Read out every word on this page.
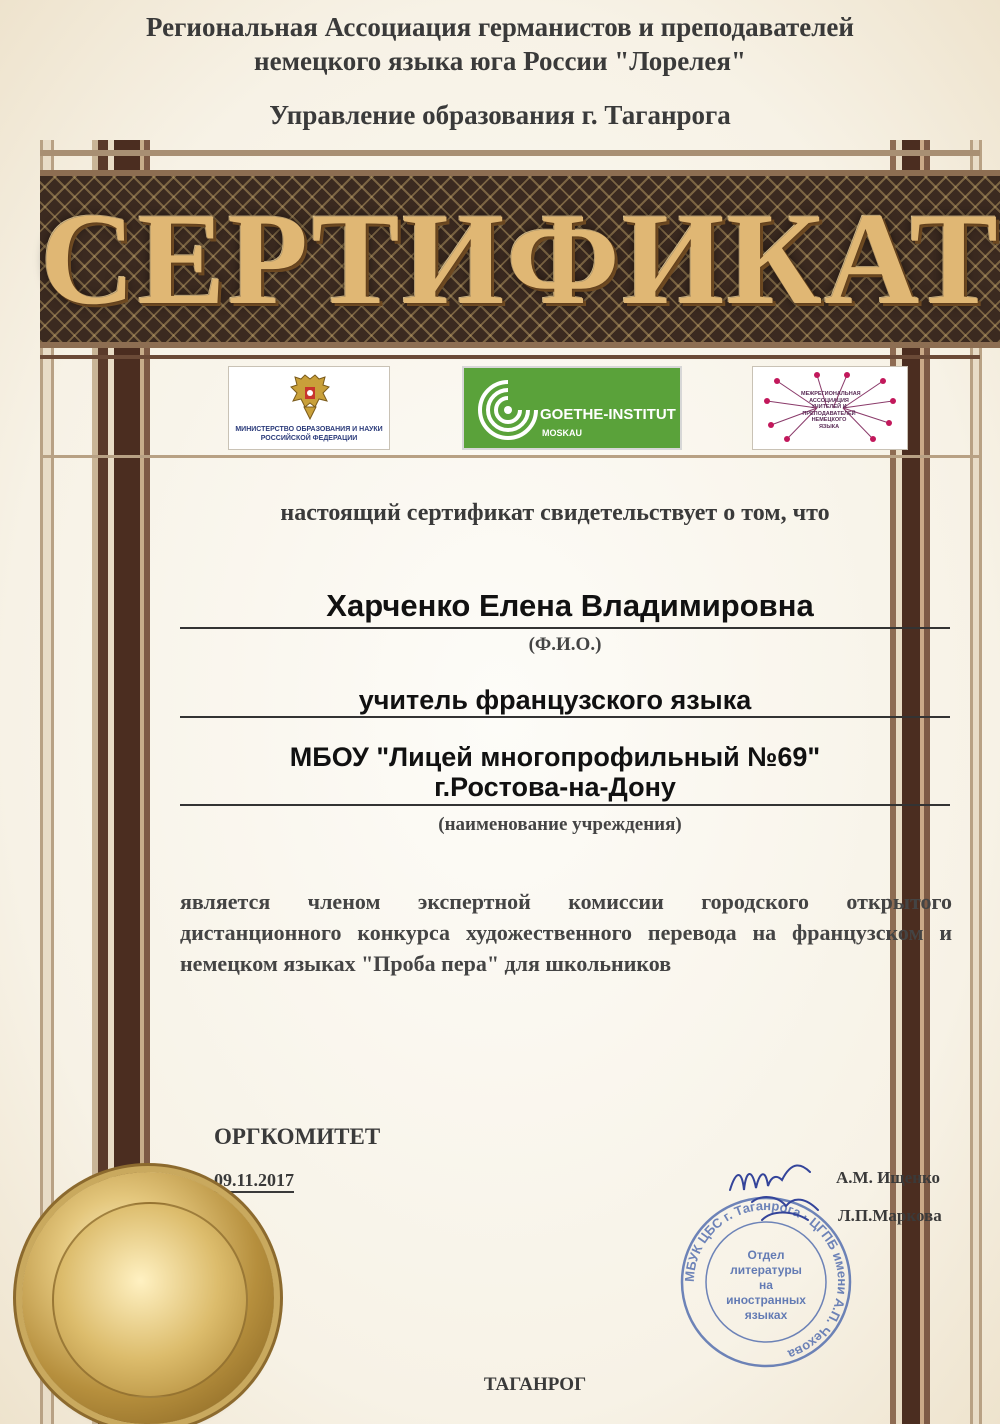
Региональная Ассоциация германистов и преподавателей
немецкого языка юга России "Лорелея"
Управление образования г. Таганрога
СЕРТИФИКАТ
МИНИСТЕРСТВО ОБРАЗОВАНИЯ И НАУКИ РОССИЙСКОЙ ФЕДЕРАЦИИ
GOETHE-INSTITUT
MOSKAU
МЕЖРЕГИОНАЛЬНАЯ АССОЦИАЦИЯ УЧИТЕЛЕЙ И ПРЕПОДАВАТЕЛЕЙ НЕМЕЦКОГО ЯЗЫКА
настоящий сертификат свидетельствует о том, что
Харченко Елена Владимировна
(Ф.И.О.)
учитель французского языка
МБОУ "Лицей многопрофильный №69"
г.Ростова-на-Дону
(наименование учреждения)
является членом экспертной комиссии городского открытого дистанционного конкурса художественного перевода на французском и немецком языках "Проба пера" для школьников
ОРГКОМИТЕТ
09.11.2017	А.М. Ищенко
Л.П.Маркова
ТАГАНРОГ
МБУК ЦБС г. Таганрога · ЦГПБ имени А.П. Чехова
Отдел литературы на иностранных языках
